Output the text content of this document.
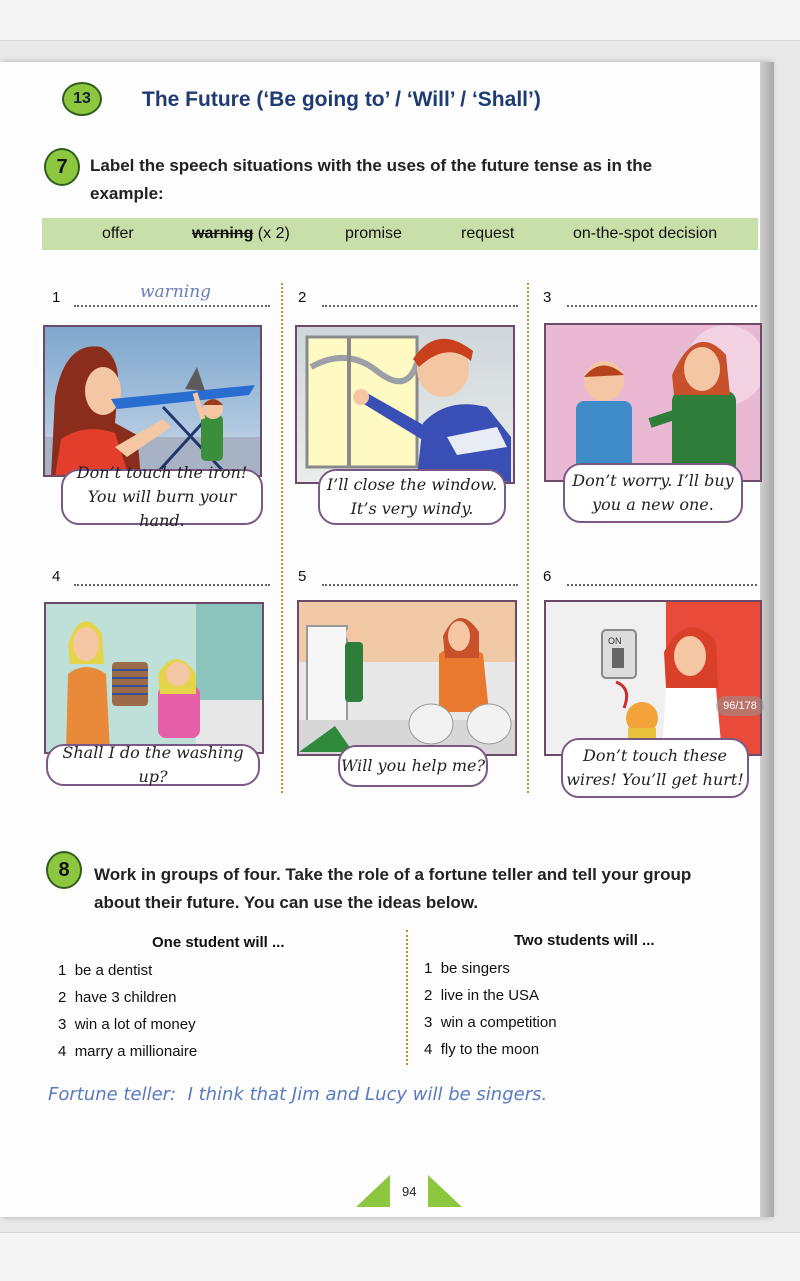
13 The Future (‘Be going to’ / ‘Will’ / ‘Shall’)
7 Label the speech situations with the uses of the future tense as in the
example:
offer	warning (x 2)	promise	request	on-the-spot decision
1	warning	2	3
Don’t touch the iron!
You will burn your hand.
I’ll close the window.
It’s very windy.
Don’t worry. I’ll buy
you a new one.
4	5	6
Shall I do the washing up?
Will you help me?
ON
Don’t touch these
wires! You’ll get hurt!
8 Work in groups of four. Take the role of a fortune teller and tell your group
about their future. You can use the ideas below.
One student will ...	Two students will ...
1 be a dentist
2 have 3 children
3 win a lot of money
4 marry a millionaire
1 be singers
2 live in the USA
3 win a competition
4 fly to the moon
Fortune teller: I think that Jim and Lucy will be singers.
94
96/178
